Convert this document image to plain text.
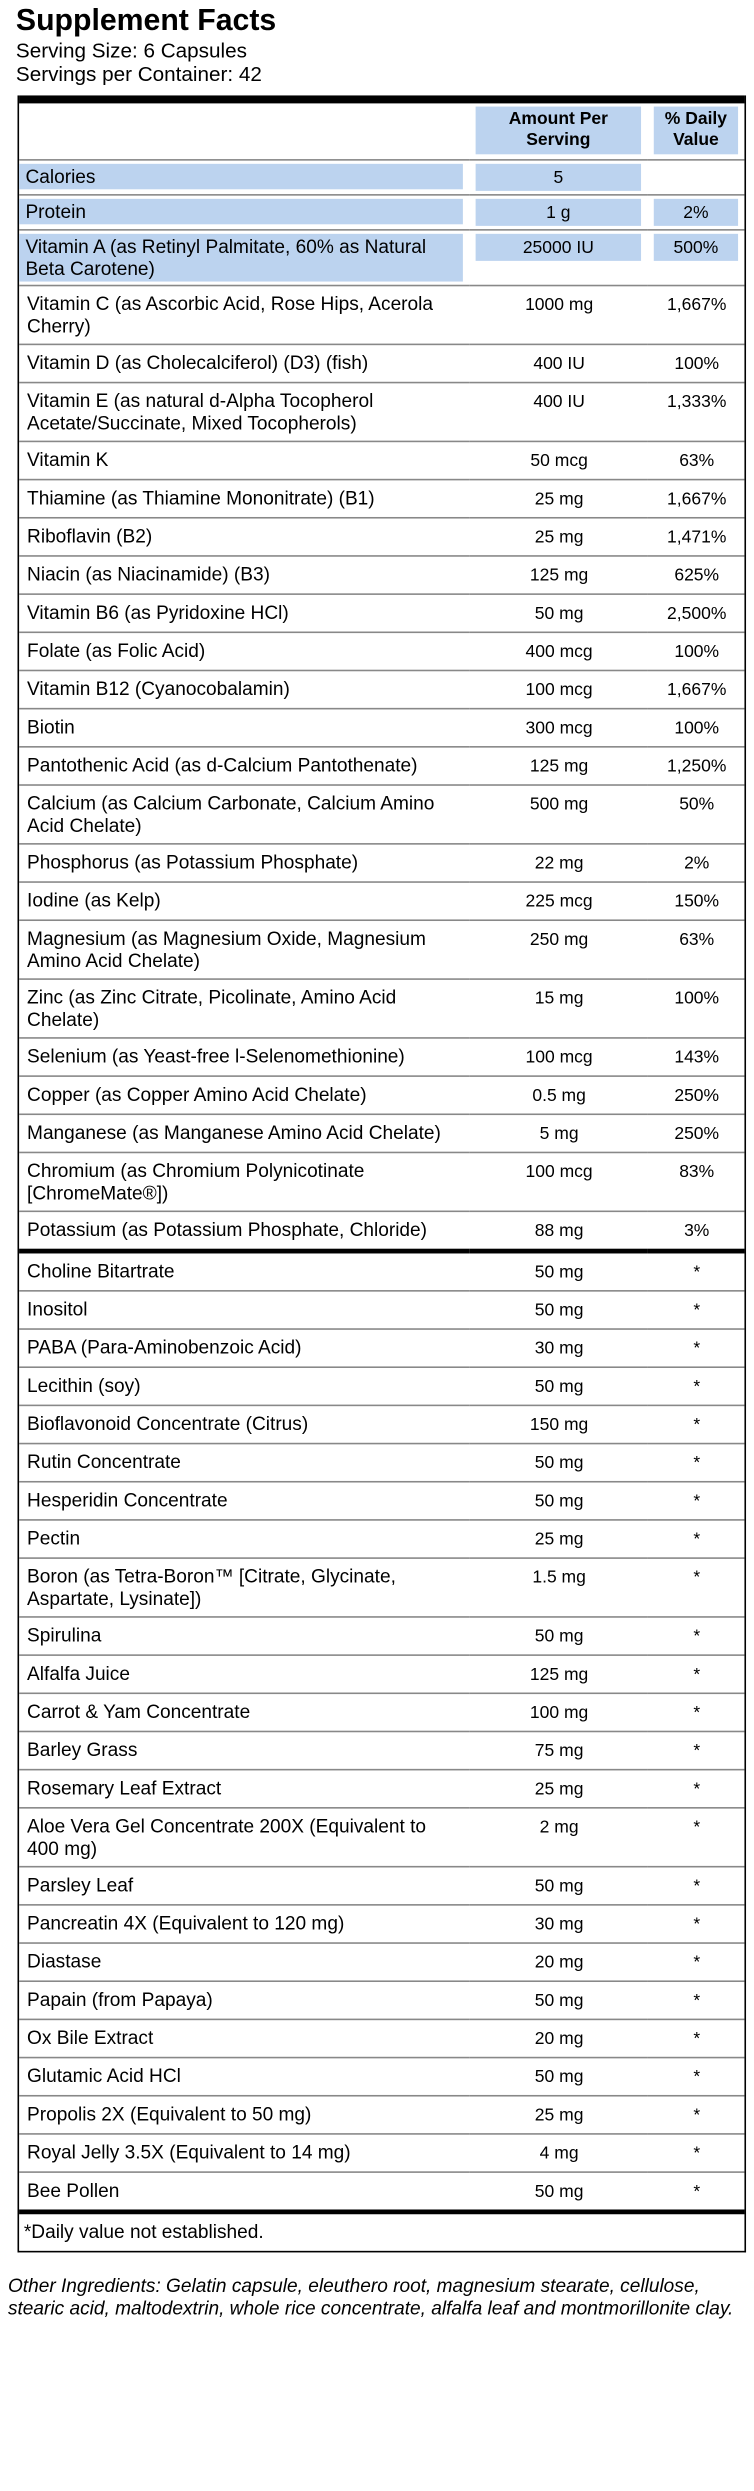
Supplement Facts
Serving Size: 6 Capsules
Servings per Container: 42

	Amount Per Serving	% Daily Value

Calories	5	

Protein	1 g	2%

Vitamin A (as Retinyl Palmitate, 60% as Natural Beta Carotene)	25000 IU	500%

Vitamin C (as Ascorbic Acid, Rose Hips, Acerola Cherry)	1000 mg	1,667%

Vitamin D (as Cholecalciferol) (D3) (fish)	400 IU	100%

Vitamin E (as natural d-Alpha Tocopherol Acetate/Succinate, Mixed Tocopherols)	400 IU	1,333%

Vitamin K	50 mcg	63%

Thiamine (as Thiamine Mononitrate) (B1)	25 mg	1,667%

Riboflavin (B2)	25 mg	1,471%

Niacin (as Niacinamide) (B3)	125 mg	625%

Vitamin B6 (as Pyridoxine HCl)	50 mg	2,500%

Folate (as Folic Acid)	400 mcg	100%

Vitamin B12 (Cyanocobalamin)	100 mcg	1,667%

Biotin	300 mcg	100%

Pantothenic Acid (as d-Calcium Pantothenate)	125 mg	1,250%

Calcium (as Calcium Carbonate, Calcium Amino Acid Chelate)	500 mg	50%

Phosphorus (as Potassium Phosphate)	22 mg	2%

Iodine (as Kelp)	225 mcg	150%

Magnesium (as Magnesium Oxide, Magnesium Amino Acid Chelate)	250 mg	63%

Zinc (as Zinc Citrate, Picolinate, Amino Acid Chelate)	15 mg	100%

Selenium (as Yeast-free l-Selenomethionine)	100 mcg	143%

Copper (as Copper Amino Acid Chelate)	0.5 mg	250%

Manganese (as Manganese Amino Acid Chelate)	5 mg	250%

Chromium (as Chromium Polynicotinate [ChromeMate®])	100 mcg	83%

Potassium (as Potassium Phosphate, Chloride)	88 mg	3%

Choline Bitartrate	50 mg	*

Inositol	50 mg	*

PABA (Para-Aminobenzoic Acid)	30 mg	*

Lecithin (soy)	50 mg	*

Bioflavonoid Concentrate (Citrus)	150 mg	*

Rutin Concentrate	50 mg	*

Hesperidin Concentrate	50 mg	*

Pectin	25 mg	*

Boron (as Tetra-Boron™ [Citrate, Glycinate, Aspartate, Lysinate])	1.5 mg	*

Spirulina	50 mg	*

Alfalfa Juice	125 mg	*

Carrot & Yam Concentrate	100 mg	*

Barley Grass	75 mg	*

Rosemary Leaf Extract	25 mg	*

Aloe Vera Gel Concentrate 200X (Equivalent to 400 mg)	2 mg	*

Parsley Leaf	50 mg	*

Pancreatin 4X (Equivalent to 120 mg)	30 mg	*

Diastase	20 mg	*

Papain (from Papaya)	50 mg	*

Ox Bile Extract	20 mg	*

Glutamic Acid HCl	50 mg	*

Propolis 2X (Equivalent to 50 mg)	25 mg	*

Royal Jelly 3.5X (Equivalent to 14 mg)	4 mg	*

Bee Pollen	50 mg	*
*Daily value not established.
Other Ingredients: Gelatin capsule, eleuthero root, magnesium stearate, cellulose, stearic acid, maltodextrin, whole rice concentrate, alfalfa leaf and montmorillonite clay.
